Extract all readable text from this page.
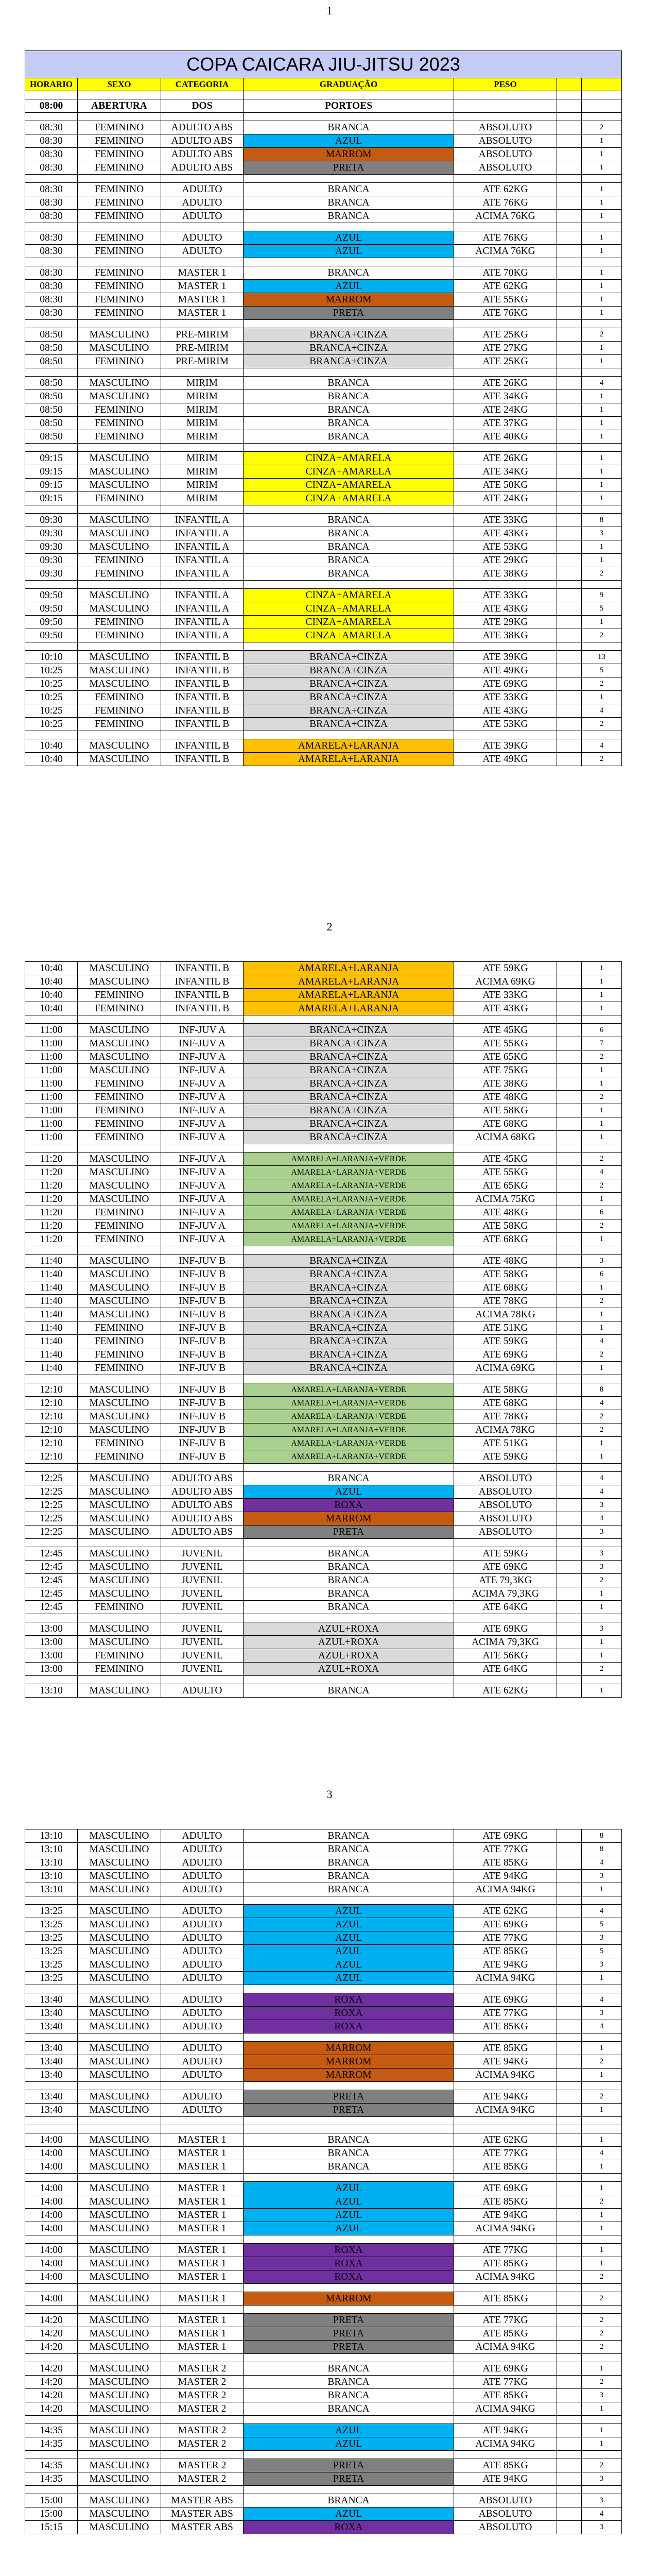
1
COPA CAICARA JIU-JITSU 2023						
HORARIO	SEXO	CATEGORIA	GRADUAÇÃO	PESO		

08:00	ABERTURA	DOS	PORTOES			

08:30	FEMININO	ADULTO ABS	BRANCA	ABSOLUTO		2
08:30	FEMININO	ADULTO ABS	AZUL	ABSOLUTO		1
08:30	FEMININO	ADULTO ABS	MARROM	ABSOLUTO		1
08:30	FEMININO	ADULTO ABS	PRETA	ABSOLUTO		1

08:30	FEMININO	ADULTO	BRANCA	ATE 62KG		1
08:30	FEMININO	ADULTO	BRANCA	ATE 76KG		1
08:30	FEMININO	ADULTO	BRANCA	ACIMA 76KG		1

08:30	FEMININO	ADULTO	AZUL	ATE 76KG		1
08:30	FEMININO	ADULTO	AZUL	ACIMA 76KG		1

08:30	FEMININO	MASTER 1	BRANCA	ATE 70KG		1
08:30	FEMININO	MASTER 1	AZUL	ATE 62KG		1
08:30	FEMININO	MASTER 1	MARROM	ATE 55KG		1
08:30	FEMININO	MASTER 1	PRETA	ATE 76KG		1

08:50	MASCULINO	PRE-MIRIM	BRANCA+CINZA	ATE 25KG		2
08:50	MASCULINO	PRE-MIRIM	BRANCA+CINZA	ATE 27KG		1
08:50	FEMININO	PRE-MIRIM	BRANCA+CINZA	ATE 25KG		1

08:50	MASCULINO	MIRIM	BRANCA	ATE 26KG		4
08:50	MASCULINO	MIRIM	BRANCA	ATE 34KG		1
08:50	FEMININO	MIRIM	BRANCA	ATE 24KG		1
08:50	FEMININO	MIRIM	BRANCA	ATE 37KG		1
08:50	FEMININO	MIRIM	BRANCA	ATE 40KG		1

09:15	MASCULINO	MIRIM	CINZA+AMARELA	ATE 26KG		1
09:15	MASCULINO	MIRIM	CINZA+AMARELA	ATE 34KG		1
09:15	MASCULINO	MIRIM	CINZA+AMARELA	ATE 50KG		1
09:15	FEMININO	MIRIM	CINZA+AMARELA	ATE 24KG		1

09:30	MASCULINO	INFANTIL A	BRANCA	ATE 33KG		8
09:30	MASCULINO	INFANTIL A	BRANCA	ATE 43KG		3
09:30	MASCULINO	INFANTIL A	BRANCA	ATE 53KG		1
09:30	FEMININO	INFANTIL A	BRANCA	ATE 29KG		1
09:30	FEMININO	INFANTIL A	BRANCA	ATE 38KG		2

09:50	MASCULINO	INFANTIL A	CINZA+AMARELA	ATE 33KG		9
09:50	MASCULINO	INFANTIL A	CINZA+AMARELA	ATE 43KG		5
09:50	FEMININO	INFANTIL A	CINZA+AMARELA	ATE 29KG		1
09:50	FEMININO	INFANTIL A	CINZA+AMARELA	ATE 38KG		2

10:10	MASCULINO	INFANTIL B	BRANCA+CINZA	ATE 39KG		13
10:25	MASCULINO	INFANTIL B	BRANCA+CINZA	ATE 49KG		5
10:25	MASCULINO	INFANTIL B	BRANCA+CINZA	ATE 69KG		2
10:25	FEMININO	INFANTIL B	BRANCA+CINZA	ATE 33KG		1
10:25	FEMININO	INFANTIL B	BRANCA+CINZA	ATE 43KG		4
10:25	FEMININO	INFANTIL B	BRANCA+CINZA	ATE 53KG		2

10:40	MASCULINO	INFANTIL B	AMARELA+LARANJA	ATE 39KG		4
10:40	MASCULINO	INFANTIL B	AMARELA+LARANJA	ATE 49KG		2
2
10:40	MASCULINO	INFANTIL B	AMARELA+LARANJA	ATE 59KG		1
10:40	MASCULINO	INFANTIL B	AMARELA+LARANJA	ACIMA 69KG		1
10:40	FEMININO	INFANTIL B	AMARELA+LARANJA	ATE 33KG		1
10:40	FEMININO	INFANTIL B	AMARELA+LARANJA	ATE 43KG		1

11:00	MASCULINO	INF-JUV A	BRANCA+CINZA	ATE 45KG		6
11:00	MASCULINO	INF-JUV A	BRANCA+CINZA	ATE 55KG		7
11:00	MASCULINO	INF-JUV A	BRANCA+CINZA	ATE 65KG		2
11:00	MASCULINO	INF-JUV A	BRANCA+CINZA	ATE 75KG		1
11:00	FEMININO	INF-JUV A	BRANCA+CINZA	ATE 38KG		1
11:00	FEMININO	INF-JUV A	BRANCA+CINZA	ATE 48KG		2
11:00	FEMININO	INF-JUV A	BRANCA+CINZA	ATE 58KG		1
11:00	FEMININO	INF-JUV A	BRANCA+CINZA	ATE 68KG		1
11:00	FEMININO	INF-JUV A	BRANCA+CINZA	ACIMA 68KG		1

11:20	MASCULINO	INF-JUV A	AMARELA+LARANJA+VERDE	ATE 45KG		2
11:20	MASCULINO	INF-JUV A	AMARELA+LARANJA+VERDE	ATE 55KG		4
11:20	MASCULINO	INF-JUV A	AMARELA+LARANJA+VERDE	ATE 65KG		2
11:20	MASCULINO	INF-JUV A	AMARELA+LARANJA+VERDE	ACIMA 75KG		1
11:20	FEMININO	INF-JUV A	AMARELA+LARANJA+VERDE	ATE 48KG		6
11:20	FEMININO	INF-JUV A	AMARELA+LARANJA+VERDE	ATE 58KG		2
11:20	FEMININO	INF-JUV A	AMARELA+LARANJA+VERDE	ATE 68KG		1

11:40	MASCULINO	INF-JUV B	BRANCA+CINZA	ATE 48KG		3
11:40	MASCULINO	INF-JUV B	BRANCA+CINZA	ATE 58KG		6
11:40	MASCULINO	INF-JUV B	BRANCA+CINZA	ATE 68KG		1
11:40	MASCULINO	INF-JUV B	BRANCA+CINZA	ATE 78KG		2
11:40	MASCULINO	INF-JUV B	BRANCA+CINZA	ACIMA 78KG		1
11:40	FEMININO	INF-JUV B	BRANCA+CINZA	ATE 51KG		1
11:40	FEMININO	INF-JUV B	BRANCA+CINZA	ATE 59KG		4
11:40	FEMININO	INF-JUV B	BRANCA+CINZA	ATE 69KG		2
11:40	FEMININO	INF-JUV B	BRANCA+CINZA	ACIMA 69KG		1

12:10	MASCULINO	INF-JUV B	AMARELA+LARANJA+VERDE	ATE 58KG		8
12:10	MASCULINO	INF-JUV B	AMARELA+LARANJA+VERDE	ATE 68KG		4
12:10	MASCULINO	INF-JUV B	AMARELA+LARANJA+VERDE	ATE 78KG		2
12:10	MASCULINO	INF-JUV B	AMARELA+LARANJA+VERDE	ACIMA 78KG		2
12:10	FEMININO	INF-JUV B	AMARELA+LARANJA+VERDE	ATE 51KG		1
12:10	FEMININO	INF-JUV B	AMARELA+LARANJA+VERDE	ATE 59KG		1

12:25	MASCULINO	ADULTO ABS	BRANCA	ABSOLUTO		4
12:25	MASCULINO	ADULTO ABS	AZUL	ABSOLUTO		4
12:25	MASCULINO	ADULTO ABS	ROXA	ABSOLUTO		3
12:25	MASCULINO	ADULTO ABS	MARROM	ABSOLUTO		4
12:25	MASCULINO	ADULTO ABS	PRETA	ABSOLUTO		3

12:45	MASCULINO	JUVENIL	BRANCA	ATE 59KG		3
12:45	MASCULINO	JUVENIL	BRANCA	ATE 69KG		3
12:45	MASCULINO	JUVENIL	BRANCA	ATE 79,3KG		2
12:45	MASCULINO	JUVENIL	BRANCA	ACIMA 79,3KG		1
12:45	FEMININO	JUVENIL	BRANCA	ATE 64KG		1

13:00	MASCULINO	JUVENIL	AZUL+ROXA	ATE 69KG		3
13:00	MASCULINO	JUVENIL	AZUL+ROXA	ACIMA 79,3KG		1
13:00	FEMININO	JUVENIL	AZUL+ROXA	ATE 56KG		1
13:00	FEMININO	JUVENIL	AZUL+ROXA	ATE 64KG		2

13:10	MASCULINO	ADULTO	BRANCA	ATE 62KG		1
3
13:10	MASCULINO	ADULTO	BRANCA	ATE 69KG		8
13:10	MASCULINO	ADULTO	BRANCA	ATE 77KG		8
13:10	MASCULINO	ADULTO	BRANCA	ATE 85KG		4
13:10	MASCULINO	ADULTO	BRANCA	ATE 94KG		3
13:10	MASCULINO	ADULTO	BRANCA	ACIMA 94KG		1

13:25	MASCULINO	ADULTO	AZUL	ATE 62KG		4
13:25	MASCULINO	ADULTO	AZUL	ATE 69KG		5
13:25	MASCULINO	ADULTO	AZUL	ATE 77KG		3
13:25	MASCULINO	ADULTO	AZUL	ATE 85KG		5
13:25	MASCULINO	ADULTO	AZUL	ATE 94KG		3
13:25	MASCULINO	ADULTO	AZUL	ACIMA 94KG		1

13:40	MASCULINO	ADULTO	ROXA	ATE 69KG		4
13:40	MASCULINO	ADULTO	ROXA	ATE 77KG		3
13:40	MASCULINO	ADULTO	ROXA	ATE 85KG		4

13:40	MASCULINO	ADULTO	MARROM	ATE 85KG		1
13:40	MASCULINO	ADULTO	MARROM	ATE 94KG		2
13:40	MASCULINO	ADULTO	MARROM	ACIMA 94KG		1

13:40	MASCULINO	ADULTO	PRETA	ATE 94KG		2
13:40	MASCULINO	ADULTO	PRETA	ACIMA 94KG		1

14:00	MASCULINO	MASTER 1	BRANCA	ATE 62KG		1
14:00	MASCULINO	MASTER 1	BRANCA	ATE 77KG		4
14:00	MASCULINO	MASTER 1	BRANCA	ATE 85KG		1

14:00	MASCULINO	MASTER 1	AZUL	ATE 69KG		1
14:00	MASCULINO	MASTER 1	AZUL	ATE 85KG		2
14:00	MASCULINO	MASTER 1	AZUL	ATE 94KG		1
14:00	MASCULINO	MASTER 1	AZUL	ACIMA 94KG		1

14:00	MASCULINO	MASTER 1	ROXA	ATE 77KG		1
14:00	MASCULINO	MASTER 1	ROXA	ATE 85KG		1
14:00	MASCULINO	MASTER 1	ROXA	ACIMA 94KG		2

14:00	MASCULINO	MASTER 1	MARROM	ATE 85KG		2

14:20	MASCULINO	MASTER 1	PRETA	ATE 77KG		2
14:20	MASCULINO	MASTER 1	PRETA	ATE 85KG		2
14:20	MASCULINO	MASTER 1	PRETA	ACIMA 94KG		2

14:20	MASCULINO	MASTER 2	BRANCA	ATE 69KG		1
14:20	MASCULINO	MASTER 2	BRANCA	ATE 77KG		2
14:20	MASCULINO	MASTER 2	BRANCA	ATE 85KG		3
14:20	MASCULINO	MASTER 2	BRANCA	ACIMA 94KG		1

14:35	MASCULINO	MASTER 2	AZUL	ATE 94KG		1
14:35	MASCULINO	MASTER 2	AZUL	ACIMA 94KG		1

14:35	MASCULINO	MASTER 2	PRETA	ATE 85KG		2
14:35	MASCULINO	MASTER 2	PRETA	ATE 94KG		3

15:00	MASCULINO	MASTER ABS	BRANCA	ABSOLUTO		3
15:00	MASCULINO	MASTER ABS	AZUL	ABSOLUTO		4
15:15	MASCULINO	MASTER ABS	ROXA	ABSOLUTO		3
